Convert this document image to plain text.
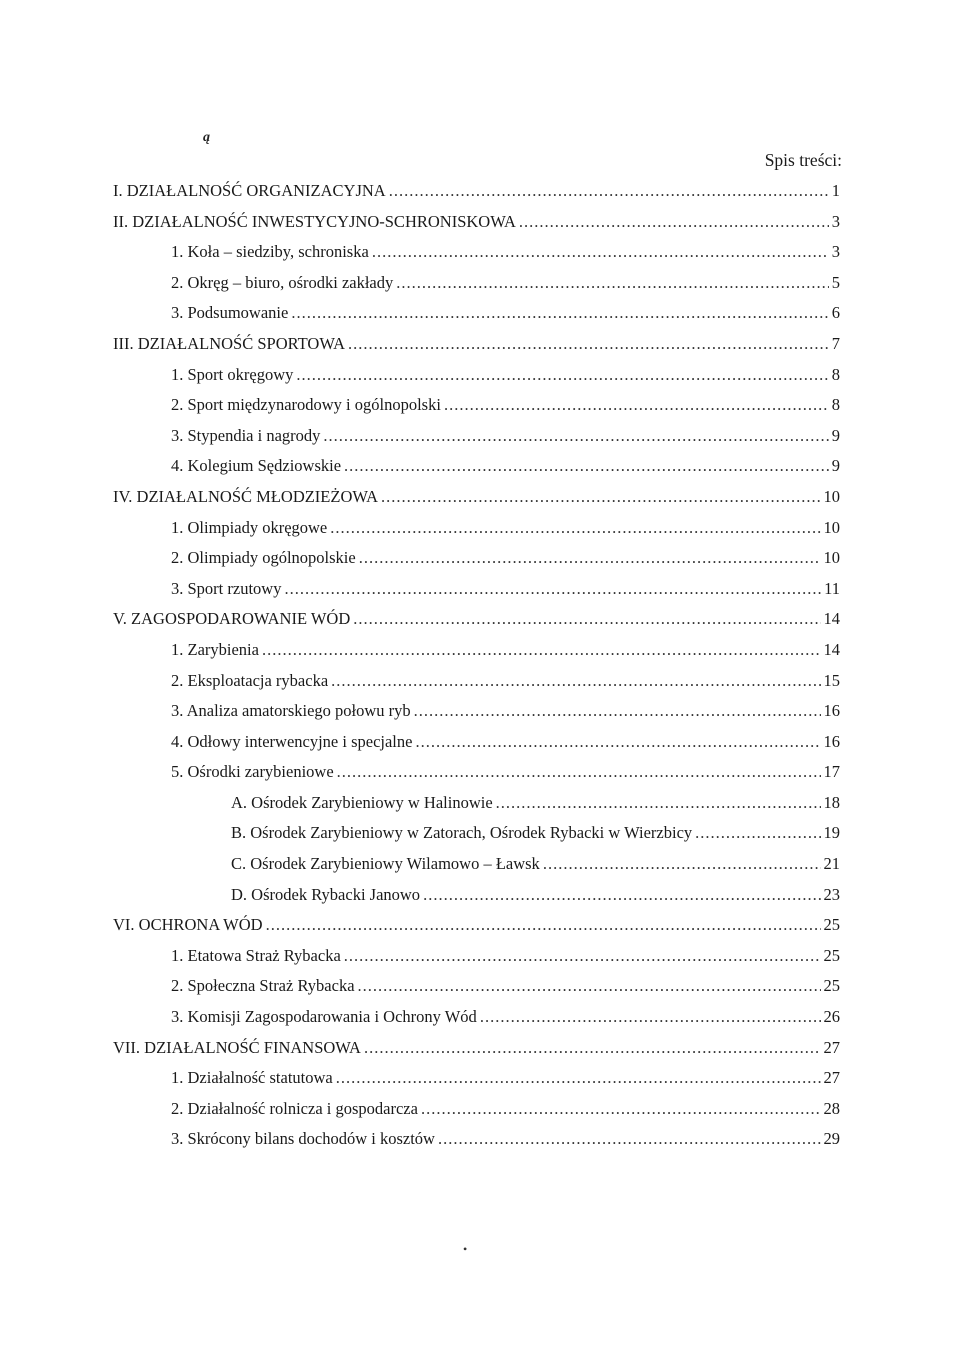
ą
Spis treści:
I. DZIAŁALNOŚĆ ORGANIZACYJNA .....	1
II. DZIAŁALNOŚĆ INWESTYCYJNO-SCHRONISKOWA .....	3
1. Koła – siedziby, schroniska .....	3
2. Okręg – biuro, ośrodki zakłady .....	5
3. Podsumowanie .....	6
III. DZIAŁALNOŚĆ SPORTOWA .....	7
1. Sport okręgowy .....	8
2. Sport międzynarodowy i ogólnopolski .....	8
3. Stypendia i nagrody .....	9
4. Kolegium Sędziowskie .....	9
IV. DZIAŁALNOŚĆ MŁODZIEŻOWA .....	10
1. Olimpiady okręgowe .....	10
2. Olimpiady ogólnopolskie .....	10
3. Sport rzutowy .....	11
V. ZAGOSPODAROWANIE WÓD .....	14
1. Zarybienia .....	14
2. Eksploatacja rybacka .....	15
3. Analiza amatorskiego połowu ryb .....	16
4. Odłowy interwencyjne i specjalne .....	16
5. Ośrodki zarybieniowe .....	17
A. Ośrodek Zarybieniowy w Halinowie .....	18
B. Ośrodek Zarybieniowy w Zatorach, Ośrodek Rybacki w Wierzbicy .....	19
C. Ośrodek Zarybieniowy Wilamowo – Ławsk .....	21
D. Ośrodek Rybacki Janowo .....	23
VI. OCHRONA WÓD .....	25
1. Etatowa Straż Rybacka .....	25
2. Społeczna Straż Rybacka .....	25
3. Komisji Zagospodarowania i Ochrony Wód .....	26
VII. DZIAŁALNOŚĆ FINANSOWA .....	27
1. Działalność statutowa .....	27
2. Działalność rolnicza i gospodarcza .....	28
3. Skrócony bilans dochodów i kosztów .....	29
•
